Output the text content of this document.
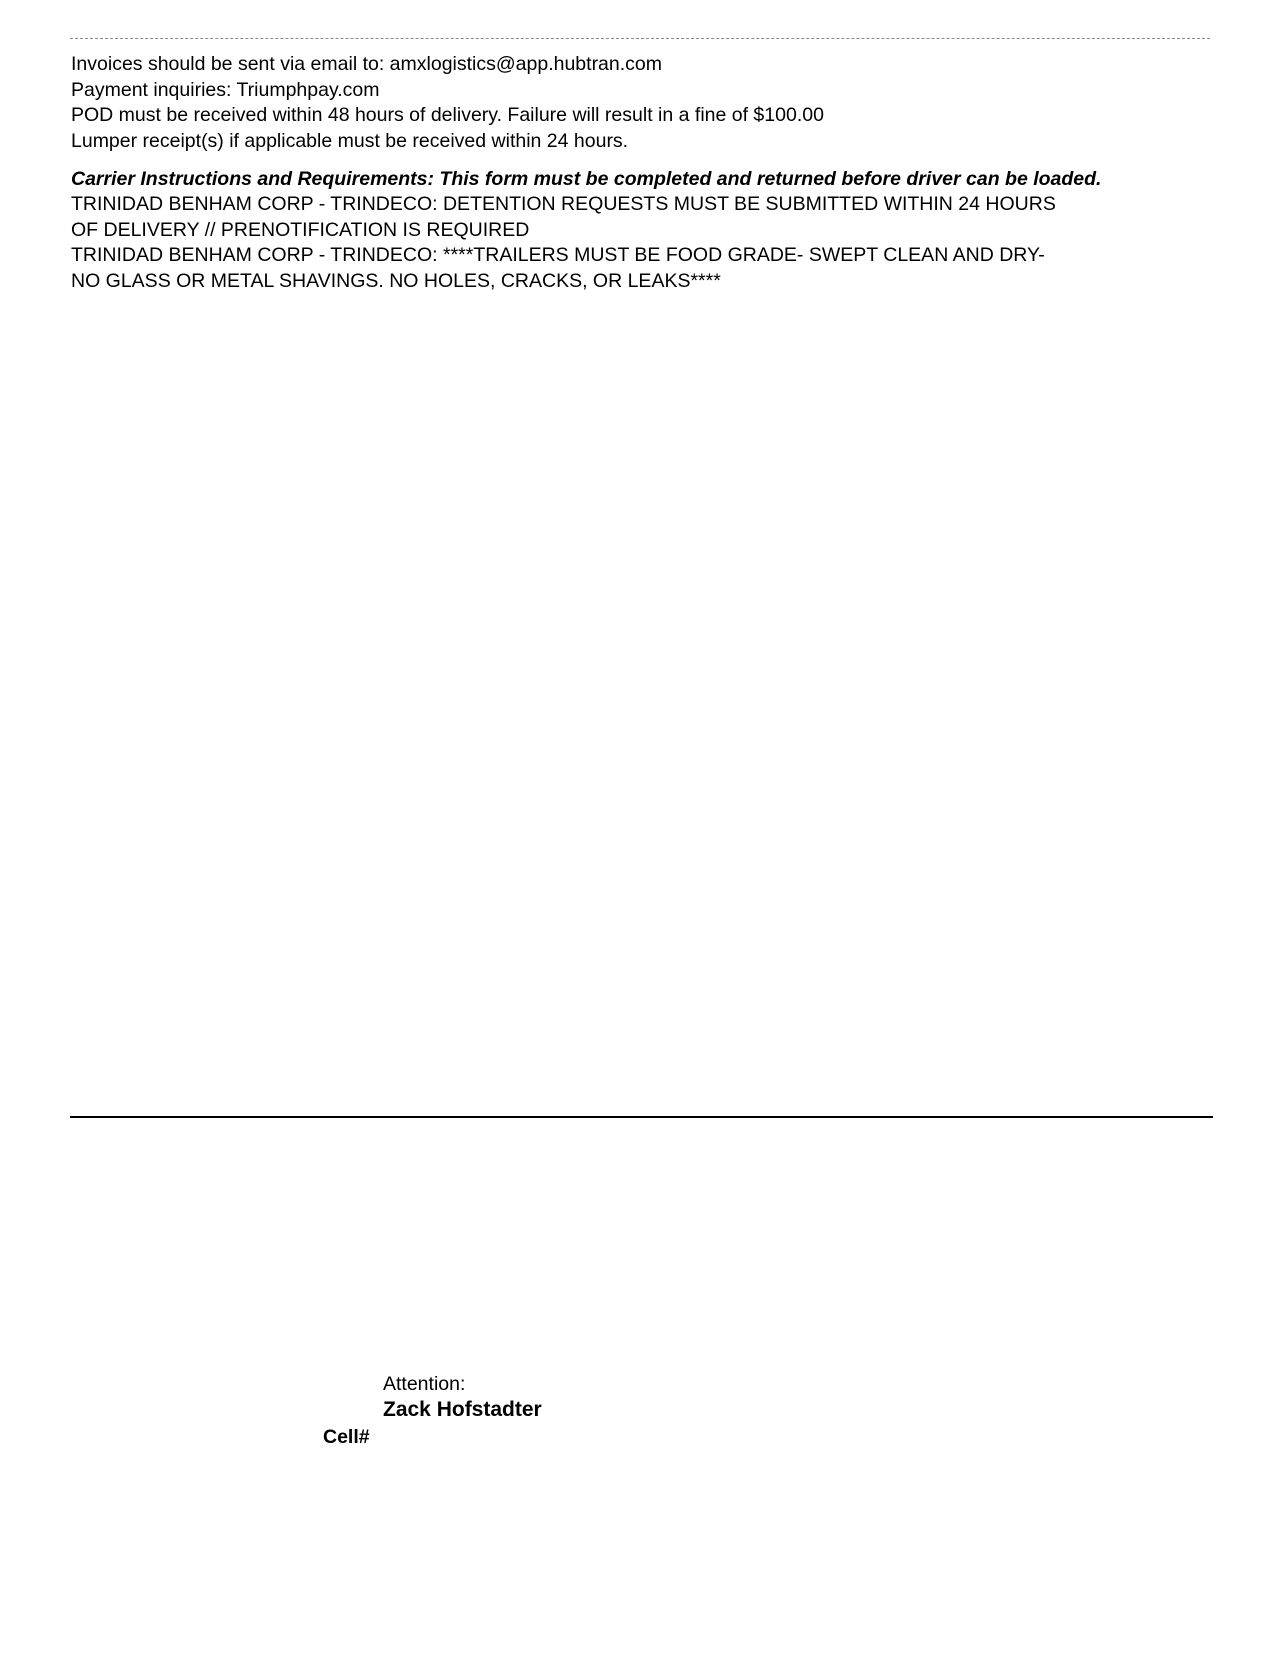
Invoices should be sent via email to: amxlogistics@app.hubtran.com
Payment inquiries: Triumphpay.com
POD must be received within 48 hours of delivery. Failure will result in a fine of $100.00
Lumper receipt(s) if applicable must be received within 24 hours.
Carrier Instructions and Requirements: This form must be completed and returned before driver can be loaded.
TRINIDAD BENHAM CORP - TRINDECO: DETENTION REQUESTS MUST BE SUBMITTED WITHIN 24 HOURS
OF DELIVERY // PRENOTIFICATION IS REQUIRED
TRINIDAD BENHAM CORP - TRINDECO: ****TRAILERS MUST BE FOOD GRADE- SWEPT CLEAN AND DRY-
NO GLASS OR METAL SHAVINGS. NO HOLES, CRACKS, OR LEAKS****
Attention:
Zack Hofstadter
Cell#
